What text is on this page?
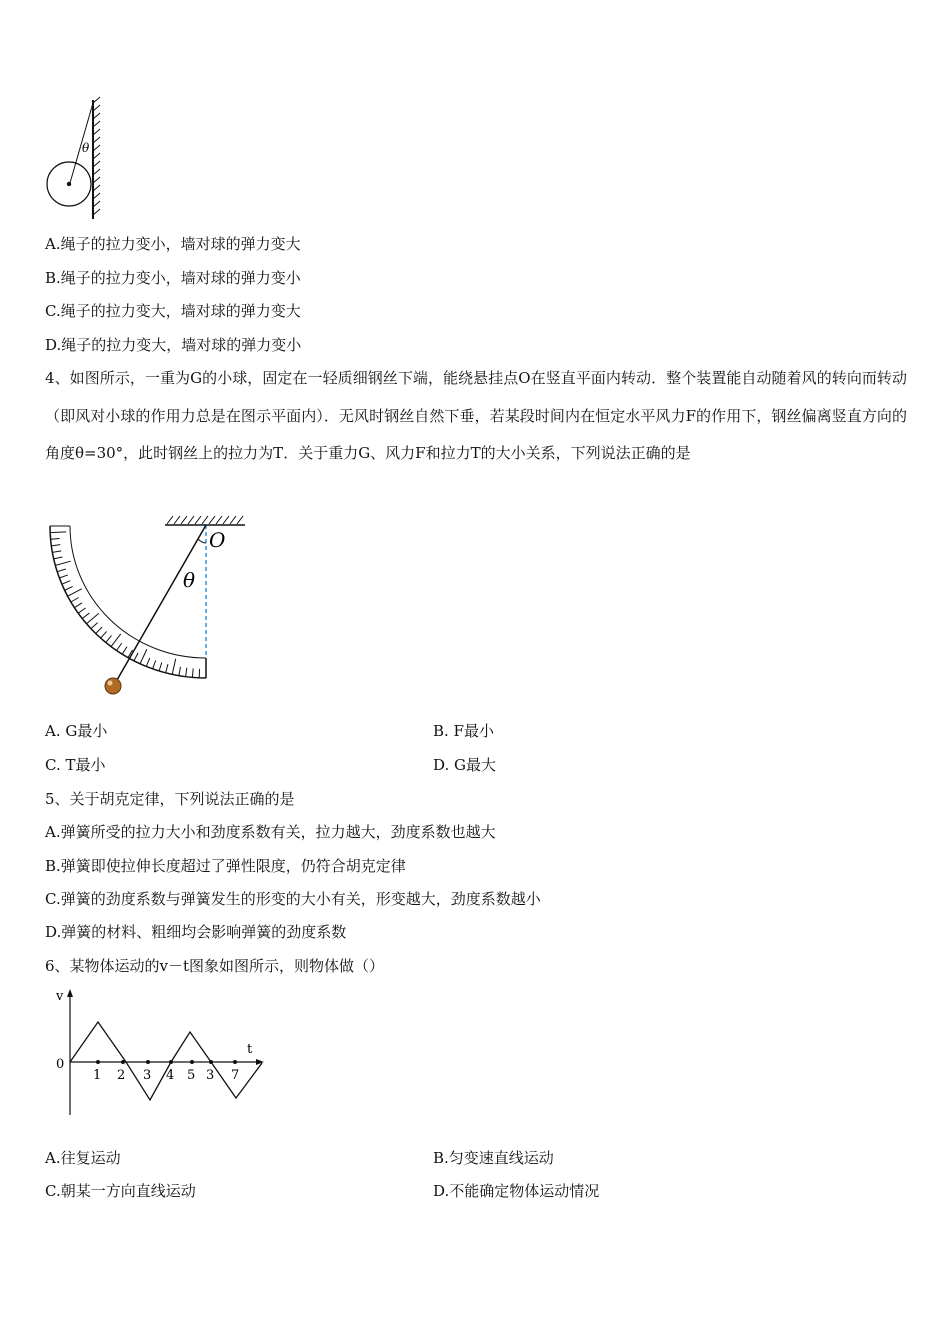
θ
A.绳子的拉力变小，墙对球的弹力变大
B.绳子的拉力变小，墙对球的弹力变小
C.绳子的拉力变大，墙对球的弹力变大
D.绳子的拉力变大，墙对球的弹力变小
4、如图所示，一重为G的小球，固定在一轻质细钢丝下端，能绕悬挂点O在竖直平面内转动．整个装置能自动随着风的转向而转动（即风对小球的作用力总是在图示平面内）．无风时钢丝自然下垂，若某段时间内在恒定水平风力F的作用下，钢丝偏离竖直方向的角度θ=30°，此时钢丝上的拉力为T．关于重力G、风力F和拉力T的大小关系，下列说法正确的是
O
θ
A. G最小	B. F最小
C. T最小	D. G最大
5、关于胡克定律，下列说法正确的是
A.弹簧所受的拉力大小和劲度系数有关，拉力越大，劲度系数也越大
B.弹簧即使拉伸长度超过了弹性限度，仍符合胡克定律
C.弹簧的劲度系数与弹簧发生的形变的大小有关，形变越大，劲度系数越小
D.弹簧的材料、粗细均会影响弹簧的劲度系数
6、某物体运动的v－t图象如图所示，则物体做（）
v
t
0
1 2 3 4 5 3 7
A.往复运动	B.匀变速直线运动
C.朝某一方向直线运动	D.不能确定物体运动情况
